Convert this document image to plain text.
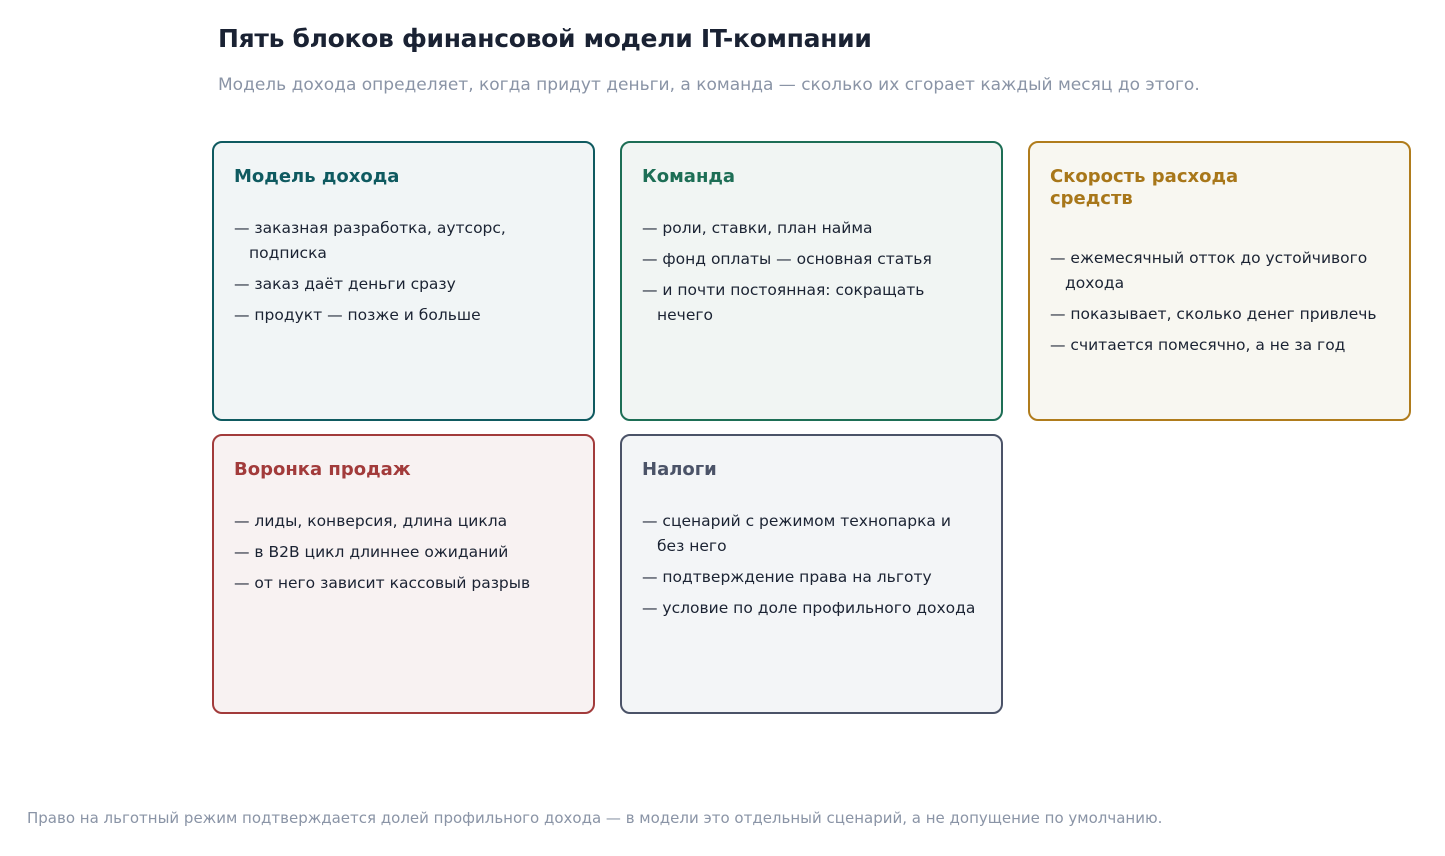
Пять блоков финансовой модели IT-компании

Модель дохода определяет, когда придут деньги, а команда — сколько их сгорает каждый месяц до этого.

Модель дохода
— заказная разработка, аутсорс, подписка
— заказ даёт деньги сразу
— продукт — позже и больше
Команда
— роли, ставки, план найма
— фонд оплаты — основная статья
— и почти постоянная: сокращать нечего
Скорость расхода средств
— ежемесячный отток до устойчивого дохода
— показывает, сколько денег привлечь
— считается помесячно, а не за год
Воронка продаж
— лиды, конверсия, длина цикла
— в B2B цикл длиннее ожиданий
— от него зависит кассовый разрыв
Налоги
— сценарий с режимом технопарка и без него
— подтверждение права на льготу
— условие по доле профильного дохода

Право на льготный режим подтверждается долей профильного дохода — в модели это отдельный сценарий, а не допущение по умолчанию.
